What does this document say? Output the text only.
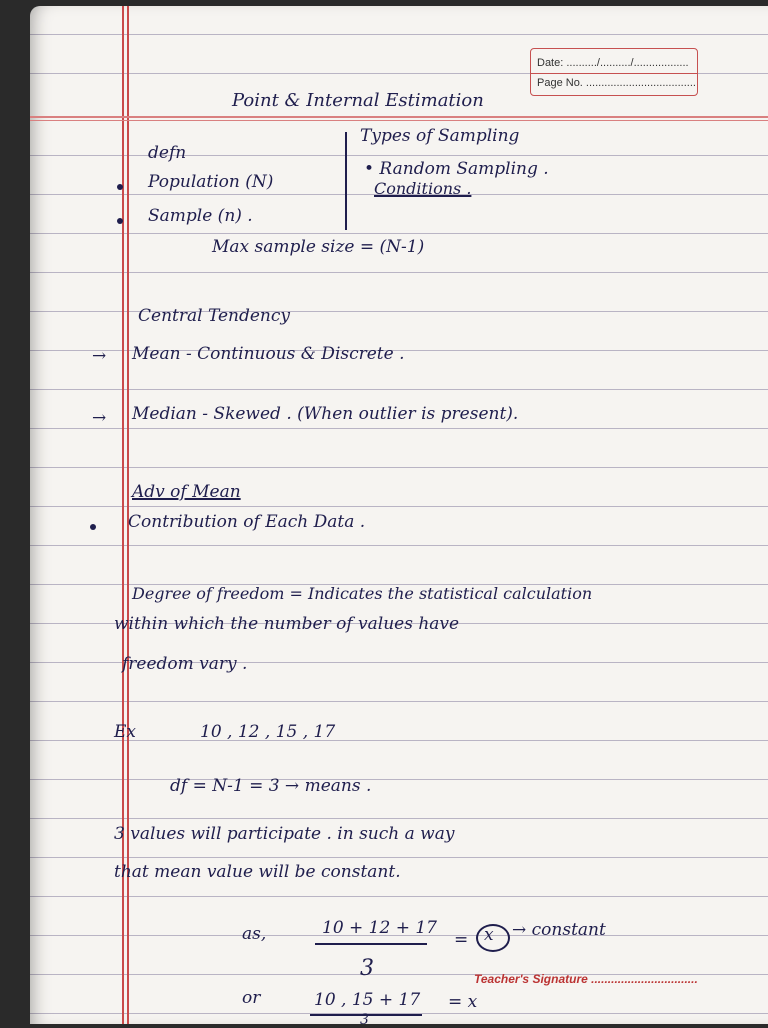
Date: ........../........../..................
Page No. ....................................
Point & Internal Estimation
defn
Population (N)
Sample (n) .
Types of Sampling
• Random Sampling .
Conditions .
Max sample size = (N-1)
Central Tendency
→ Mean - Continuous & Discrete .
→ Median - Skewed . (When outlier is present).
Adv of Mean
Contribution of Each Data .
Degree of freedom = Indicates the statistical calculation
within which the number of values have
freedom vary .
Ex	10 , 12 , 15 , 17
df = N-1 = 3 → means .
3 values will participate . in such a way
that mean value will be constant.
as,	10 + 12 + 17
3
= x → constant
or	10 , 15 + 17 = x
3
Teacher's Signature ................................
